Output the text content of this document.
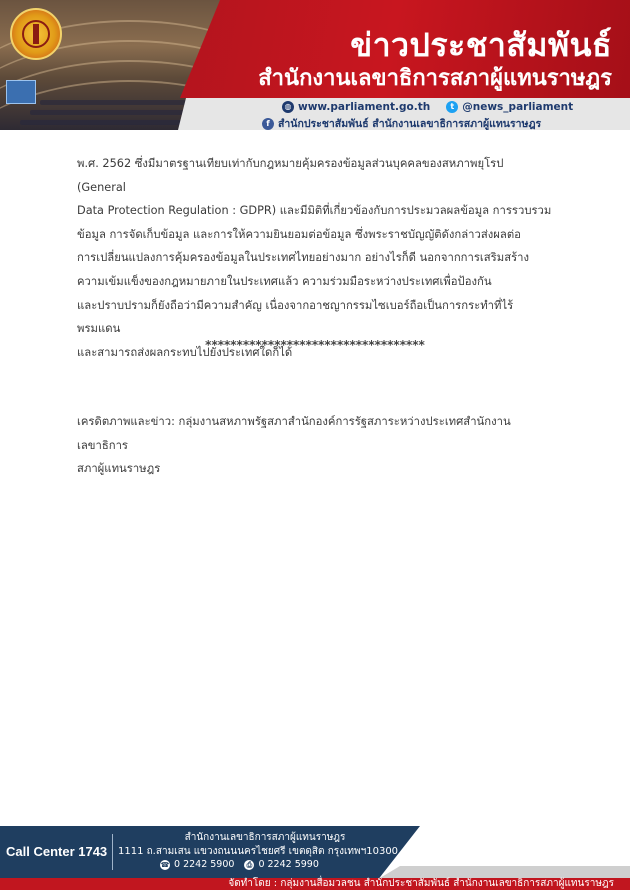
ข่าวประชาสัมพันธ์
สำนักงานเลขาธิการสภาผู้แทนราษฎร
◍ www.parliament.go.th	t @news_parliament
f สำนักประชาสัมพันธ์ สำนักงานเลขาธิการสภาผู้แทนราษฎร

พ.ศ. 2562 ซึ่งมีมาตรฐานเทียบเท่ากับกฎหมายคุ้มครองข้อมูลส่วนบุคคลของสหภาพยุโรป (General
Data Protection Regulation : GDPR) และมีมิติที่เกี่ยวข้องกับการประมวลผลข้อมูล การรวบรวม
ข้อมูล การจัดเก็บข้อมูล และการให้ความยินยอมต่อข้อมูล ซึ่งพระราชบัญญัติดังกล่าวส่งผลต่อ
การเปลี่ยนแปลงการคุ้มครองข้อมูลในประเทศไทยอย่างมาก อย่างไรก็ดี นอกจากการเสริมสร้าง
ความเข้มแข็งของกฎหมายภายในประเทศแล้ว ความร่วมมือระหว่างประเทศเพื่อป้องกัน
และปราบปรามก็ยังถือว่ามีความสำคัญ เนื่องจากอาชญากรรมไซเบอร์ถือเป็นการกระทำที่ไร้พรมแดน
และสามารถส่งผลกระทบไปยังประเทศใดก็ได้

***********************************

เครดิตภาพและข่าว: กลุ่มงานสหภาพรัฐสภาสำนักองค์การรัฐสภาระหว่างประเทศสำนักงานเลขาธิการ
สภาผู้แทนราษฎร

Call Center 1743
สำนักงานเลขาธิการสภาผู้แทนราษฎร
1111 ถ.สามเสน แขวงถนนนครไชยศรี เขตดุสิต กรุงเทพฯ10300
☎ 0 2242 5900	⎙ 0 2242 5990
จัดทำโดย : กลุ่มงานสื่อมวลชน สำนักประชาสัมพันธ์ สำนักงานเลขาธิการสภาผู้แทนราษฎร
